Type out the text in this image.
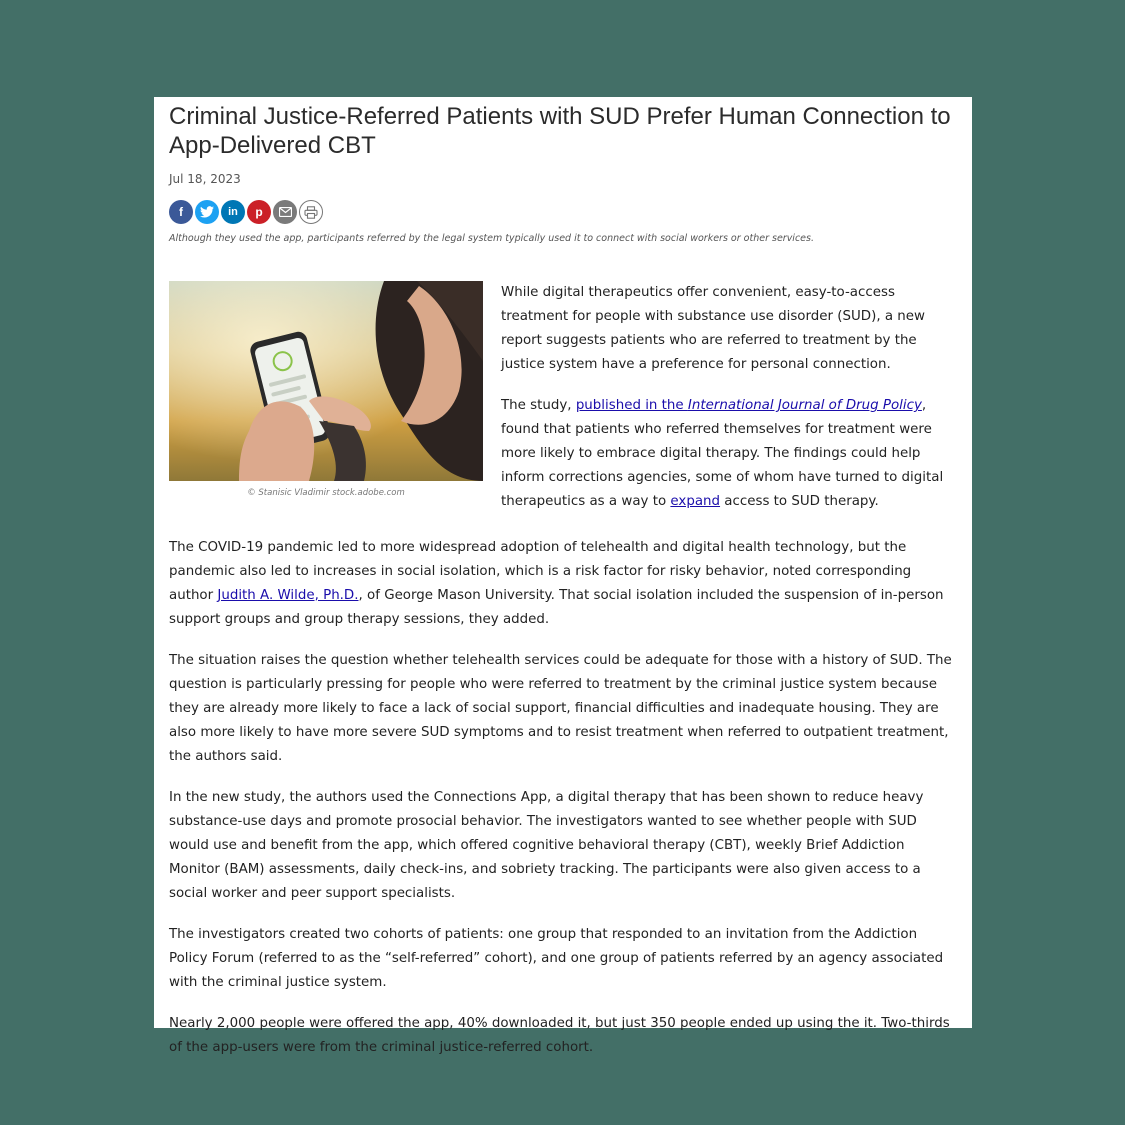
Criminal Justice-Referred Patients with SUD Prefer Human Connection to App-Delivered CBT
Jul 18, 2023
f	in	p
Although they used the app, participants referred by the legal system typically used it to connect with social workers or other services.
© Stanisic Vladimir stock.adobe.com

While digital therapeutics offer convenient, easy-to-access treatment for people with substance use disorder (SUD), a new report suggests patients who are referred to treatment by the justice system have a preference for personal connection.

The study, published in the International Journal of Drug Policy, found that patients who referred themselves for treatment were more likely to embrace digital therapy. The findings could help inform corrections agencies, some of whom have turned to digital therapeutics as a way to expand access to SUD therapy.

The COVID-19 pandemic led to more widespread adoption of telehealth and digital health technology, but the pandemic also led to increases in social isolation, which is a risk factor for risky behavior, noted corresponding author Judith A. Wilde, Ph.D., of George Mason University. That social isolation included the suspension of in-person support groups and group therapy sessions, they added.

The situation raises the question whether telehealth services could be adequate for those with a history of SUD. The question is particularly pressing for people who were referred to treatment by the criminal justice system because they are already more likely to face a lack of social support, financial difficulties and inadequate housing. They are also more likely to have more severe SUD symptoms and to resist treatment when referred to outpatient treatment, the authors said.

In the new study, the authors used the Connections App, a digital therapy that has been shown to reduce heavy substance-use days and promote prosocial behavior. The investigators wanted to see whether people with SUD would use and benefit from the app, which offered cognitive behavioral therapy (CBT), weekly Brief Addiction Monitor (BAM) assessments, daily check-ins, and sobriety tracking. The participants were also given access to a social worker and peer support specialists.

The investigators created two cohorts of patients: one group that responded to an invitation from the Addiction Policy Forum (referred to as the “self-referred” cohort), and one group of patients referred by an agency associated with the criminal justice system.

Nearly 2,000 people were offered the app, 40% downloaded it, but just 350 people ended up using the it. Two-thirds of the app-users were from the criminal justice-referred cohort.
